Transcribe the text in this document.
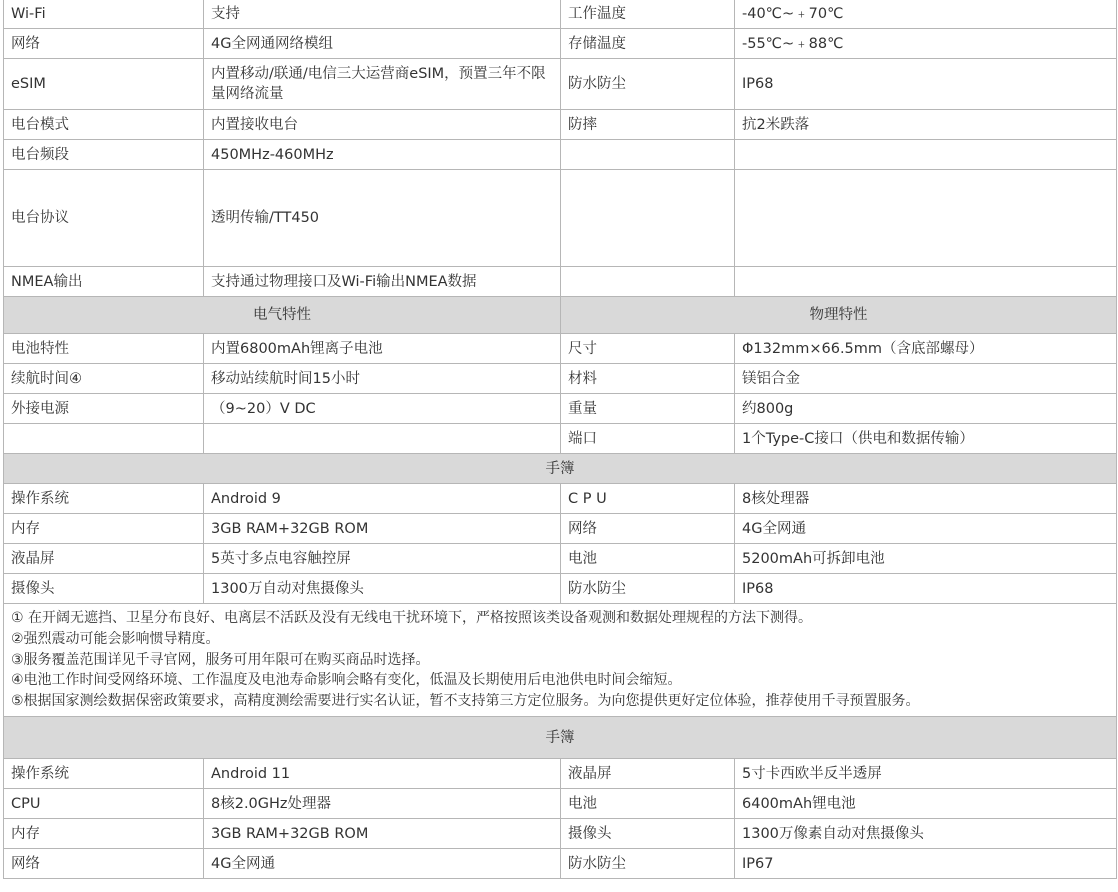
Wi-Fi	支持	工作温度	-40℃~﹢70℃
网络	4G全网通网络模组	存储温度	-55℃~﹢88℃
eSIM	内置移动/联通/电信三大运营商eSIM，预置三年不限量网络流量	防水防尘	IP68
电台模式	内置接收电台	防摔	抗2米跌落
电台频段	450MHz-460MHz		
电台协议	透明传输/TT450		
NMEA输出	支持通过物理接口及Wi-Fi输出NMEA数据		
电气特性		物理特性	
电池特性	内置6800mAh锂离子电池	尺寸	Φ132mm×66.5mm（含底部螺母）
续航时间④	移动站续航时间15小时	材料	镁铝合金
外接电源	（9~20）V DC	重量	约800g
		端口	1个Type-C接口（供电和数据传输）
手簿			
操作系统	Android 9	C P U	8核处理器
内存	3GB RAM+32GB ROM	网络	4G全网通
液晶屏	5英寸多点电容触控屏	电池	5200mAh可拆卸电池
摄像头	1300万自动对焦摄像头	防水防尘	IP68

① 在开阔无遮挡、卫星分布良好、电离层不活跃及没有无线电干扰环境下，严格按照该类设备观测和数据处理规程的方法下测得。
②强烈震动可能会影响惯导精度。
③服务覆盖范围详见千寻官网，服务可用年限可在购买商品时选择。
④电池工作时间受网络环境、工作温度及电池寿命影响会略有变化，低温及长期使用后电池供电时间会缩短。
⑤根据国家测绘数据保密政策要求，高精度测绘需要进行实名认证，暂不支持第三方定位服务。为向您提供更好定位体验，推荐使用千寻预置服务。			

手簿			
操作系统	Android 11	液晶屏	5寸卡西欧半反半透屏
CPU	8核2.0GHz处理器	电池	6400mAh锂电池
内存	3GB RAM+32GB ROM	摄像头	1300万像素自动对焦摄像头
网络	4G全网通	防水防尘	IP67
